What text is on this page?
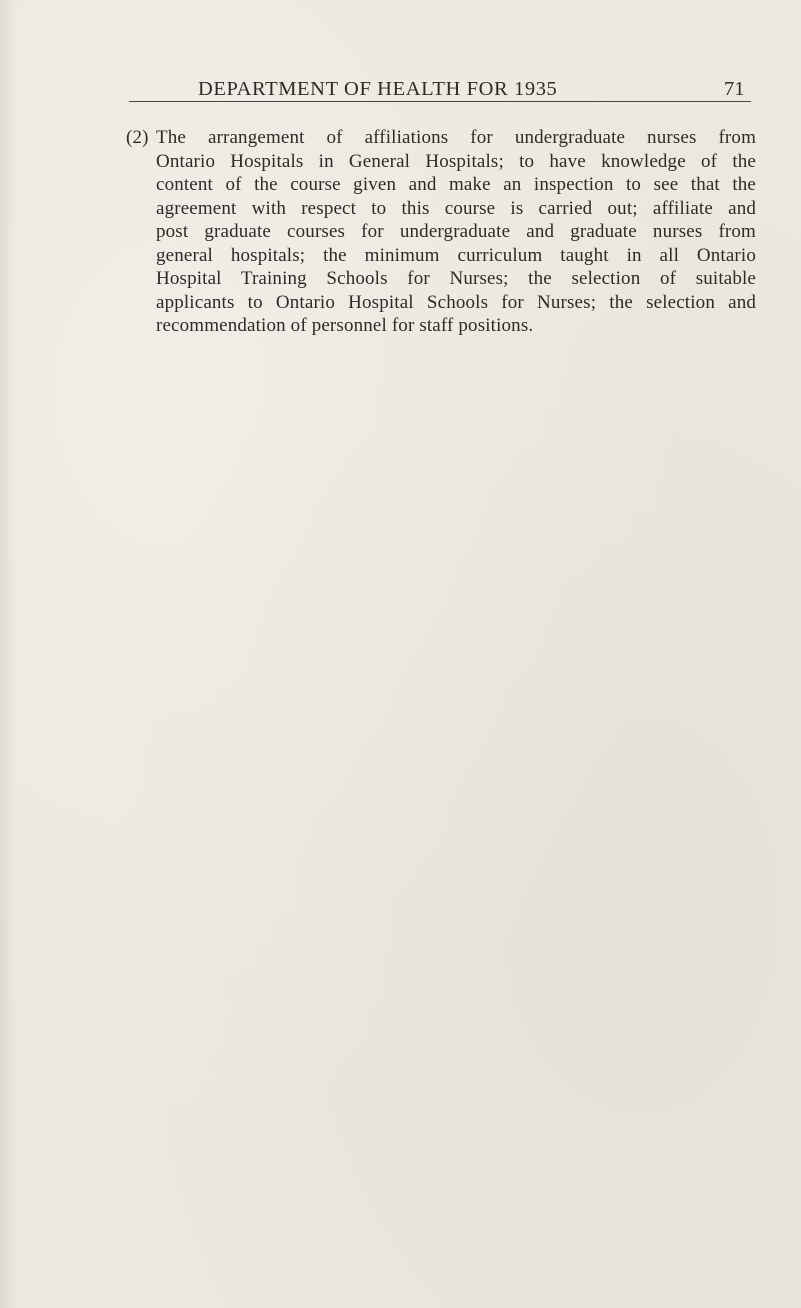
DEPARTMENT OF HEALTH FOR 1935	71
(2) The arrangement of affiliations for undergraduate nurses from
Ontario Hospitals in General Hospitals; to have knowledge of the
content of the course given and make an inspection to see that the
agreement with respect to this course is carried out; affiliate and
post graduate courses for undergraduate and graduate nurses from
general hospitals; the minimum curriculum taught in all Ontario
Hospital Training Schools for Nurses; the selection of suitable
applicants to Ontario Hospital Schools for Nurses; the selection and
recommendation of personnel for staff positions.
